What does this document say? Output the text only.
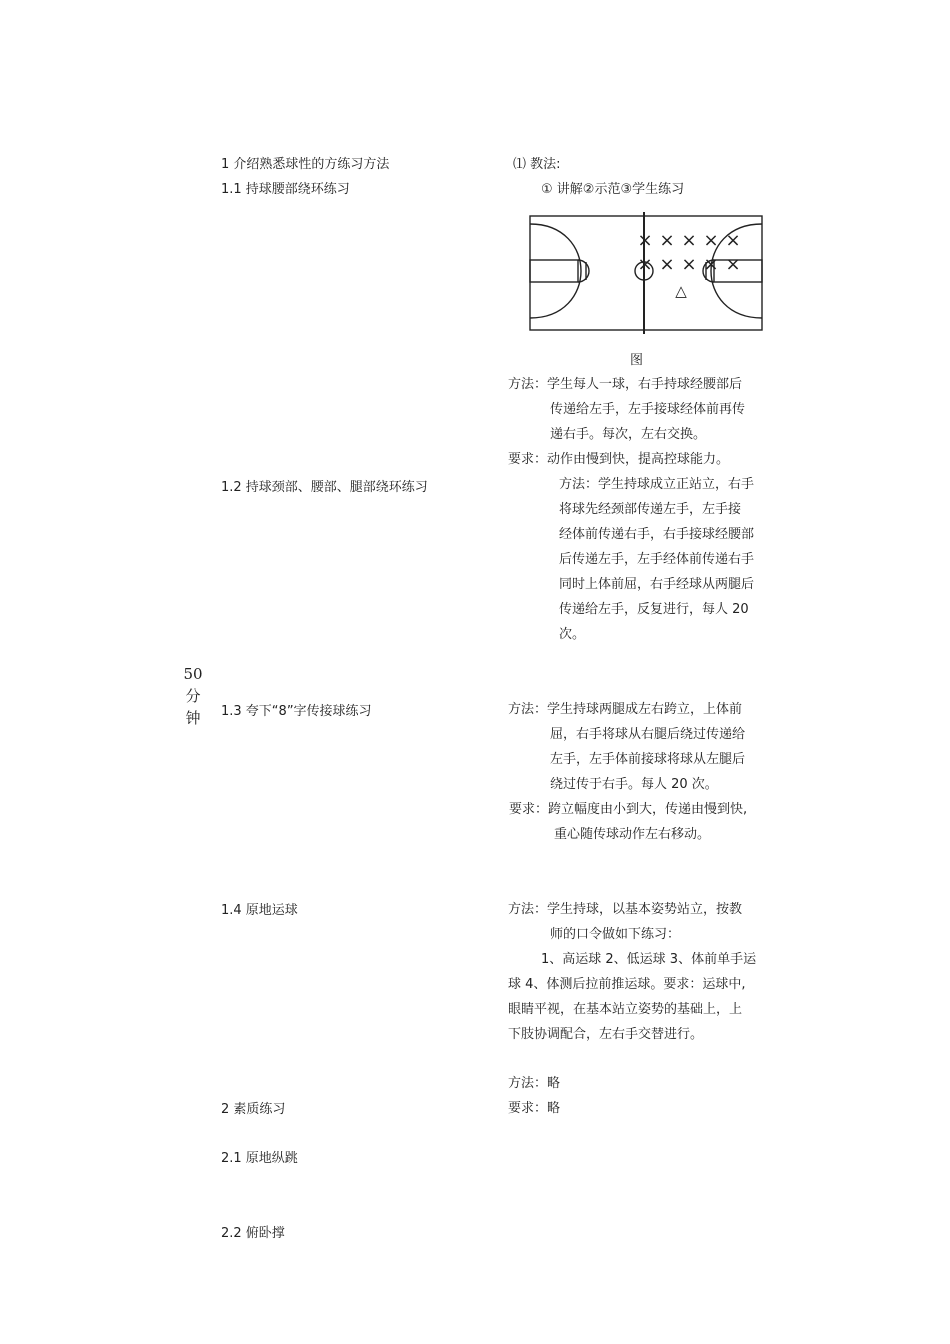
50
分
钟
1 介绍熟悉球性的方练习方法
1.1 持球腰部绕环练习
1.2 持球颈部、腰部、腿部绕环练习
1.3 夸下“8”字传接球练习
1.4 原地运球
2 素质练习
2.1 原地纵跳
2.2 俯卧撑
⑴ 教法:
① 讲解②示范③学生练习
× × × × ×
× × × × ×
△
图
方法：学生每人一球，右手持球经腰部后
传递给左手，左手接球经体前再传
递右手。每次，左右交换。
要求：动作由慢到快，提高控球能力。
方法：学生持球成立正站立，右手
将球先经颈部传递左手，左手接
经体前传递右手，右手接球经腰部
后传递左手，左手经体前传递右手
同时上体前屈，右手经球从两腿后
传递给左手，反复进行，每人 20
次。
方法：学生持球两腿成左右跨立，上体前
屈，右手将球从右腿后绕过传递给
左手，左手体前接球将球从左腿后
绕过传于右手。每人 20 次。
要求：跨立幅度由小到大，传递由慢到快,
重心随传球动作左右移动。
方法：学生持球，以基本姿势站立，按教
师的口令做如下练习：
1、高运球 2、低运球 3、体前单手运
球 4、体测后拉前推运球。要求：运球中,
眼睛平视，在基本站立姿势的基础上，上
下肢协调配合，左右手交替进行。
方法：略
要求：略
